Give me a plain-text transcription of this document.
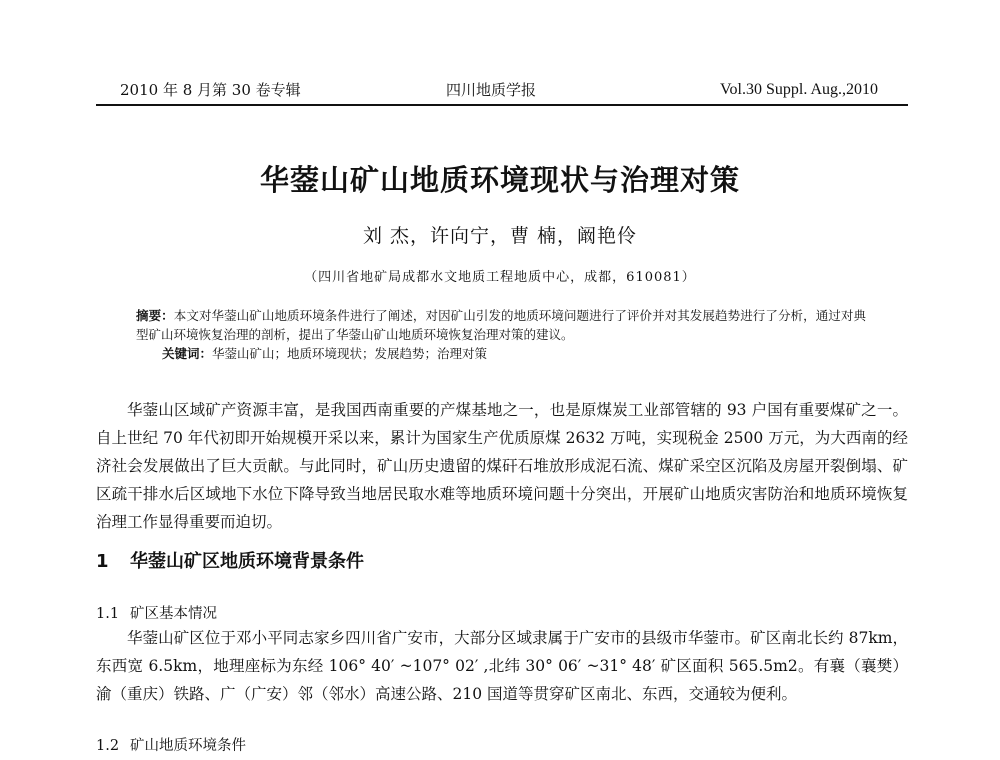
2010 年 8 月第 30 卷专辑	四川地质学报	Vol.30 Suppl. Aug.,2010
华蓥山矿山地质环境现状与治理对策
刘 杰，许向宁，曹 楠，阚艳伶
（四川省地矿局成都水文地质工程地质中心，成都，610081）

摘要：本文对华蓥山矿山地质环境条件进行了阐述，对因矿山引发的地质环境问题进行了评价并对其发展趋势进行了分析，通过对典型矿山环境恢复治理的剖析，提出了华蓥山矿山地质环境恢复治理对策的建议。

关键词：华蓥山矿山；地质环境现状；发展趋势；治理对策

华蓥山区域矿产资源丰富，是我国西南重要的产煤基地之一，也是原煤炭工业部管辖的 93 户国有重要煤矿之一。自上世纪 70 年代初即开始规模开采以来，累计为国家生产优质原煤 2632 万吨，实现税金 2500 万元，为大西南的经济社会发展做出了巨大贡献。与此同时，矿山历史遗留的煤矸石堆放形成泥石流、煤矿采空区沉陷及房屋开裂倒塌、矿区疏干排水后区域地下水位下降导致当地居民取水难等地质环境问题十分突出，开展矿山地质灾害防治和地质环境恢复治理工作显得重要而迫切。

1 华蓥山矿区地质环境背景条件
1.1 矿区基本情况

华蓥山矿区位于邓小平同志家乡四川省广安市，大部分区域隶属于广安市的县级市华蓥市。矿区南北长约 87km，东西宽 6.5km，地理座标为东经 106° 40′ ~107° 02′ ,北纬 30° 06′ ~31° 48′ 矿区面积 565.5m2。有襄（襄樊）渝（重庆）铁路、广（广安）邻（邻水）高速公路、210 国道等贯穿矿区南北、东西，交通较为便利。

1.2 矿山地质环境条件
